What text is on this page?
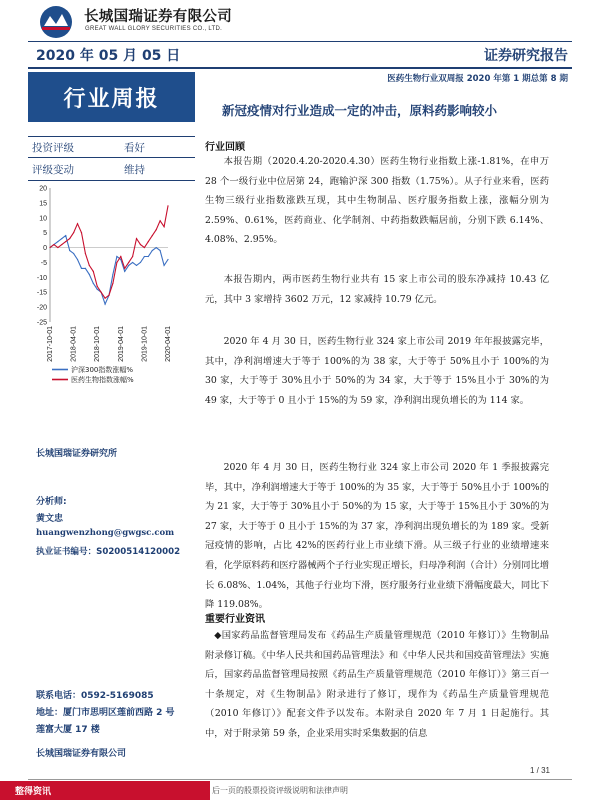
长城国瑞证券有限公司
GREAT WALL GLORY SECURITIES CO., LTD.
2020 年 05 月 05 日	证券研究报告
医药生物行业双周报 2020 年第 1 期总第 8 期
行业周报	新冠疫情对行业造成一定的冲击，原料药影响较小
投资评级	看好
评级变动	维持
20
15
10
5
0
-5
-10
-15
-20
-25
2017-10-01 2018-04-01 2018-10-01 2019-04-01 2019-10-01 2020-04-01
沪深300指数涨幅%
医药生物指数涨幅%
长城国瑞证券研究所
分析师:
黄文忠
huangwenzhong@gwgsc.com
执业证书编号：S0200514120002
联系电话：0592-5169085
地址：厦门市思明区莲前西路 2 号
莲富大厦 17 楼
长城国瑞证券有限公司
行业回顾
本报告期（2020.4.20-2020.4.30）医药生物行业指数上涨-1.81%，在申万 28 个一级行业中位居第 24，跑输沪深 300 指数（1.75%）。从子行业来看，医药生物三级行业指数涨跌互现，其中生物制品、医疗服务指数上涨，涨幅分别为 2.59%、0.61%，医药商业、化学制剂、中药指数跌幅居前，分别下跌 6.14%、4.08%、2.95%。
本报告期内，两市医药生物行业共有 15 家上市公司的股东净减持 10.43 亿元，其中 3 家增持 3602 万元，12 家减持 10.79 亿元。
2020 年 4 月 30 日，医药生物行业 324 家上市公司 2019 年年报披露完毕，其中，净利润增速大于等于 100%的为 38 家，大于等于 50%且小于 100%的为 30 家，大于等于 30%且小于 50%的为 34 家，大于等于 15%且小于 30%的为 49 家，大于等于 0 且小于 15%的为 59 家，净利润出现负增长的为 114 家。
2020 年 4 月 30 日，医药生物行业 324 家上市公司 2020 年 1 季报披露完毕，其中，净利润增速大于等于 100%的为 35 家，大于等于 50%且小于 100%的为 21 家，大于等于 30%且小于 50%的为 15 家，大于等于 15%且小于 30%的为 27 家，大于等于 0 且小于 15%的为 37 家，净利润出现负增长的为 189 家。受新冠疫情的影响，占比 42%的医药行业上市业绩下滑。从三级子行业的业绩增速来看，化学原料药和医疗器械两个子行业实现正增长，归母净利润（合计）分别同比增长 6.08%、1.04%，其他子行业均下滑，医疗服务行业业绩下滑幅度最大，同比下降 119.08%。
重要行业资讯
◆国家药品监督管理局发布《药品生产质量管理规范（2010 年修订）》生物制品附录修订稿。《中华人民共和国药品管理法》和《中华人民共和国疫苗管理法》实施后，国家药品监督管理局按照《药品生产质量管理规范（2010 年修订）》第三百一十条规定，对《生物制品》附录进行了修订，现作为《药品生产质量管理规范（2010 年修订）》配套文件予以发布。本附录自 2020 年 7 月 1 日起施行。其中，对于附录第 59 条，企业采用实时采集数据的信息
1 / 31
整得资讯	后一页的股票投资评级说明和法律声明
